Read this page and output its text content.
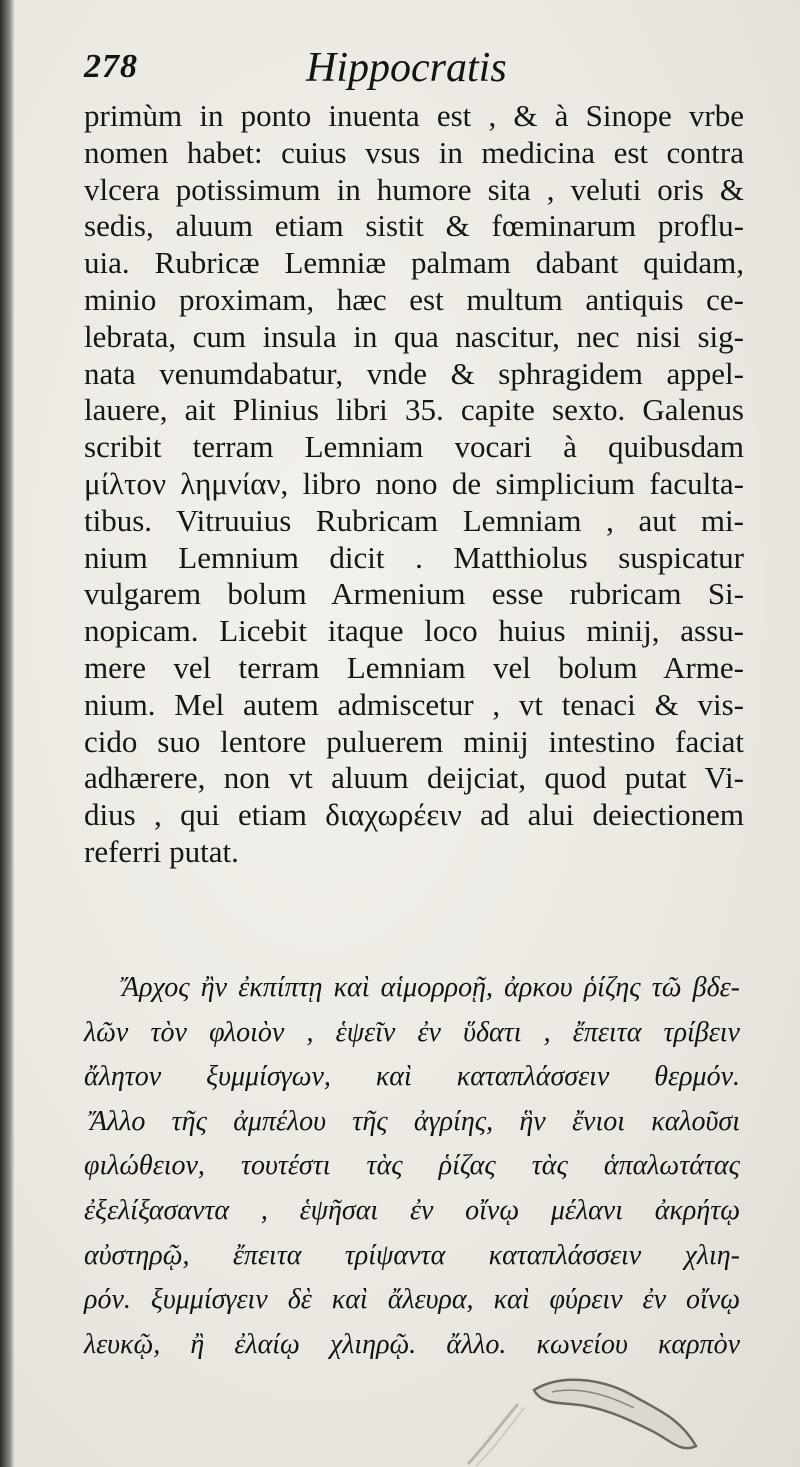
278	Hippocratis
primùm in ponto inuenta est , & à Sinope vrbe
nomen habet: cuius vsus in medicina est contra
vlcera potissimum in humore sita , veluti oris &
sedis, aluum etiam sistit & fœminarum proflu-
uia. Rubricæ Lemniæ palmam dabant quidam,
minio proximam, hæc est multum antiquis ce-
lebrata, cum insula in qua nascitur, nec nisi sig-
nata venumdabatur, vnde & sphragidem appel-
lauere, ait Plinius libri 35. capite sexto. Galenus
scribit terram Lemniam vocari à quibusdam
μίλτον λημνίαν, libro nono de simplicium faculta-
tibus. Vitruuius Rubricam Lemniam , aut mi-
nium Lemnium dicit . Matthiolus suspicatur
vulgarem bolum Armenium esse rubricam Si-
nopicam. Licebit itaque loco huius minij, assu-
mere vel terram Lemniam vel bolum Arme-
nium. Mel autem admiscetur , vt tenaci & vis-
cido suo lentore puluerem minij intestino faciat
adhærere, non vt aluum deijciat, quod putat Vi-
dius , qui etiam διαχωρέειν ad alui deiectionem
referri putat.
Ἄρχος ἢν ἐκπίπτῃ καὶ αἱμορροῇ, ἀρκου ῥίζης τῶ βδε-
λῶν τὸν φλοιὸν , ἑψεῖν ἐν ὕδατι , ἔπειτα τρίβειν
ἄλητον ξυμμίσγων, καὶ καταπλάσσειν θερμόν.
Ἄλλο τῆς ἀμπέλου τῆς ἀγρίης, ἣν ἔνιοι καλοῦσι
φιλώθειον, τουτέστι τὰς ῥίζας τὰς ἁπαλωτάτας
ἐξελίξασαντα , ἑψῆσαι ἐν οἴνῳ μέλανι ἀκρήτῳ
αὐστηρῷ, ἔπειτα τρίψαντα καταπλάσσειν χλιη-
ρόν. ξυμμίσγειν δὲ καὶ ἄλευρα, καὶ φύρειν ἐν οἴνῳ
λευκῷ, ἢ ἐλαίῳ χλιηρῷ. ἄλλο. κωνείου καρπὸν
